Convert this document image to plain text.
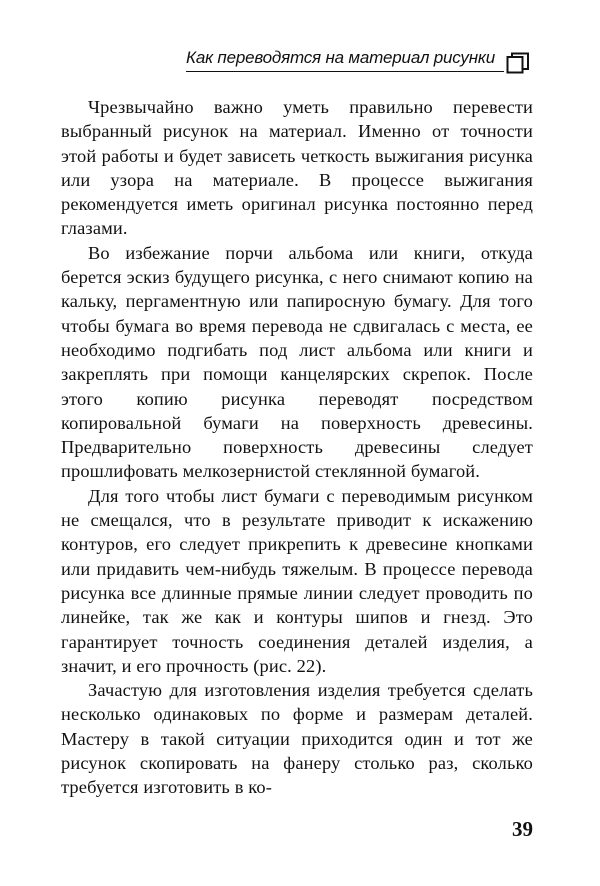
Как переводятся на материал рисунки

Чрезвычайно важно уметь правильно перевести выбранный рисунок на материал. Именно от точности этой работы и будет зависеть четкость выжигания рисунка или узора на материале. В процессе выжигания рекомендуется иметь оригинал рисунка постоянно перед глазами.

Во избежание порчи альбома или книги, откуда берется эскиз будущего рисунка, с него снимают копию на кальку, пергаментную или папиросную бумагу. Для того чтобы бумага во время перевода не сдвигалась с места, ее необходимо подгибать под лист альбома или книги и закреплять при помощи канцелярских скрепок. После этого копию рисунка переводят посредством копировальной бумаги на поверхность древесины. Предварительно поверхность древесины следует прошлифовать мелкозернистой стеклянной бумагой.

Для того чтобы лист бумаги с переводимым рисунком не смещался, что в результате приводит к искажению контуров, его следует прикрепить к древесине кнопками или придавить чем-нибудь тяжелым. В процессе перевода рисунка все длинные прямые линии следует проводить по линейке, так же как и контуры шипов и гнезд. Это гарантирует точность соединения деталей изделия, а значит, и его прочность (рис. 22).

Зачастую для изготовления изделия требуется сделать несколько одинаковых по форме и размерам деталей. Мастеру в такой ситуации приходится один и тот же рисунок скопировать на фанеру столько раз, сколько требуется изготовить в ко-

39
